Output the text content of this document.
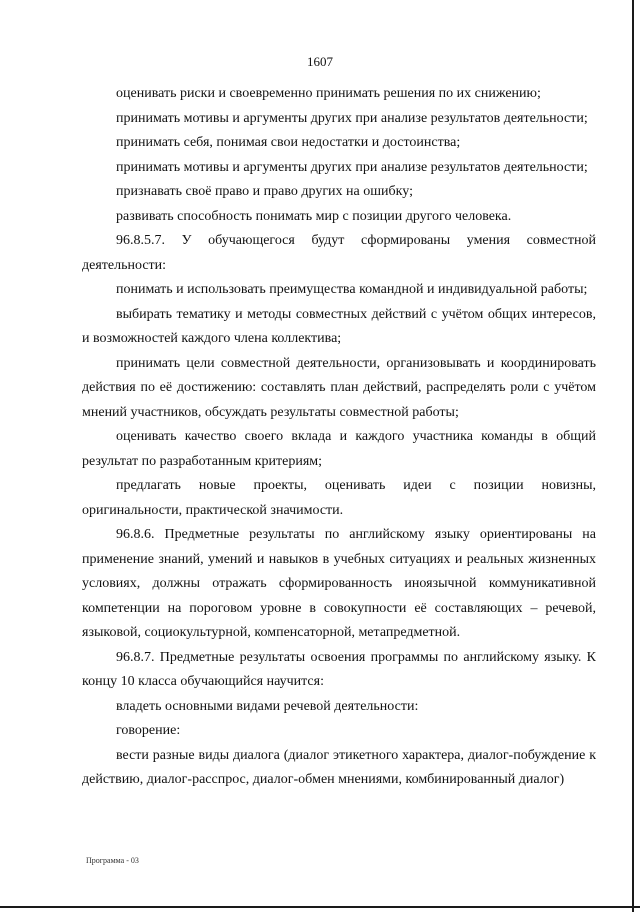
1607

оценивать риски и своевременно принимать решения по их снижению;

принимать мотивы и аргументы других при анализе результатов деятельности;

принимать себя, понимая свои недостатки и достоинства;

принимать мотивы и аргументы других при анализе результатов деятельности;

признавать своё право и право других на ошибку;

развивать способность понимать мир с позиции другого человека.

96.8.5.7. У обучающегося будут сформированы умения совместной деятельности:

понимать и использовать преимущества командной и индивидуальной работы;

выбирать тематику и методы совместных действий с учётом общих интересов, и возможностей каждого члена коллектива;

принимать цели совместной деятельности, организовывать и координировать действия по её достижению: составлять план действий, распределять роли с учётом мнений участников, обсуждать результаты совместной работы;

оценивать качество своего вклада и каждого участника команды в общий результат по разработанным критериям;

предлагать новые проекты, оценивать идеи с позиции новизны, оригинальности, практической значимости.

96.8.6. Предметные результаты по английскому языку ориентированы на применение знаний, умений и навыков в учебных ситуациях и реальных жизненных условиях, должны отражать сформированность иноязычной коммуникативной компетенции на пороговом уровне в совокупности её составляющих – речевой, языковой, социокультурной, компенсаторной, метапредметной.

96.8.7. Предметные результаты освоения программы по английскому языку. К концу 10 класса обучающийся научится:

владеть основными видами речевой деятельности:

говорение:

вести разные виды диалога (диалог этикетного характера, диалог-побуждение к действию, диалог-расспрос, диалог-обмен мнениями, комбинированный диалог)

Программа - 03
